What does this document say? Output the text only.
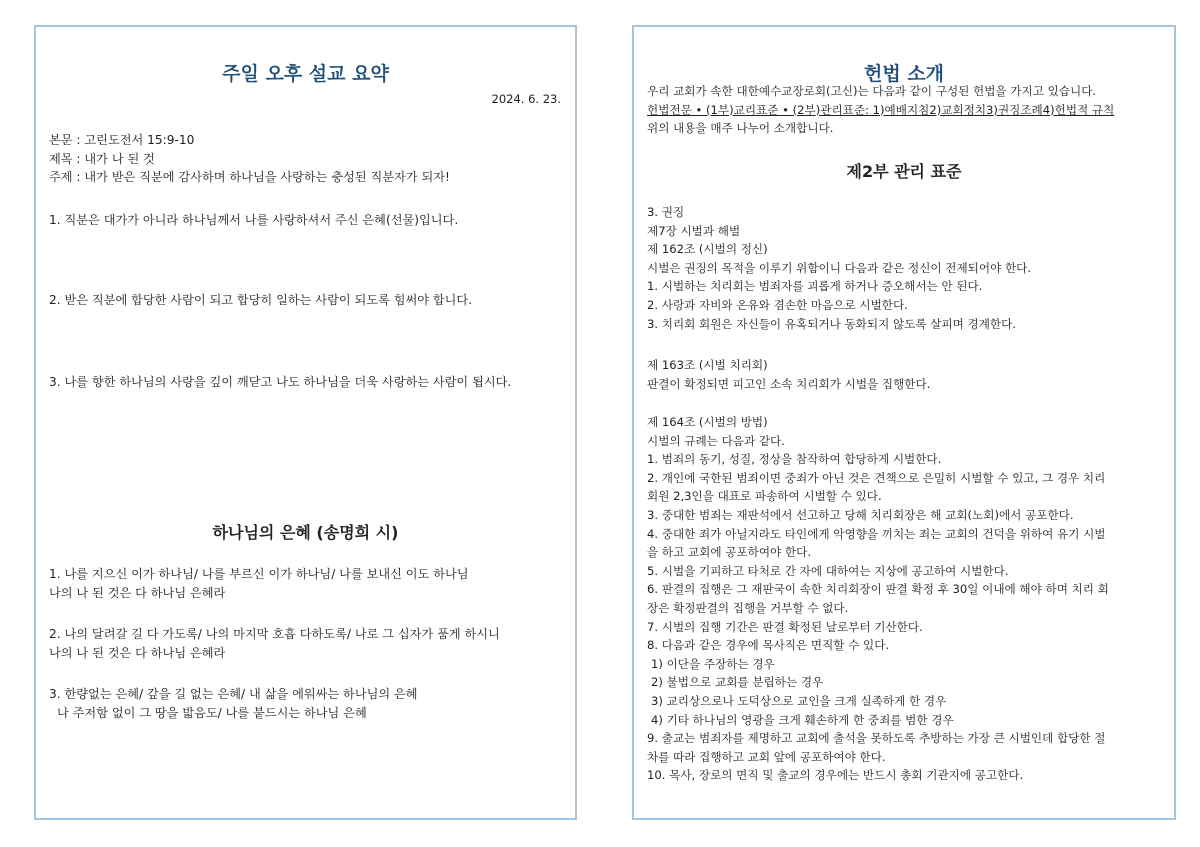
주일 오후 설교 요약
2024. 6. 23.
본문 : 고린도전서 15:9-10
제목 : 내가 나 된 것
주제 : 내가 받은 직분에 감사하며 하나님을 사랑하는 충성된 직분자가 되자!
1. 직분은 대가가 아니라 하나님께서 나를 사랑하셔서 주신 은혜(선물)입니다.
2. 받은 직분에 합당한 사람이 되고 합당히 일하는 사람이 되도록 힘써야 합니다.
3. 나를 향한 하나님의 사랑을 깊이 깨닫고 나도 하나님을 더욱 사랑하는 사람이 됩시다.
하나님의 은혜 (송명희 시)
1. 나를 지으신 이가 하나님/ 나를 부르신 이가 하나님/ 나를 보내신 이도 하나님
나의 나 된 것은 다 하나님 은혜라
2. 나의 달려갈 길 다 가도록/ 나의 마지막 호흡 다하도록/ 나로 그 십자가 품게 하시니
나의 나 된 것은 다 하나님 은혜라
3. 한량없는 은혜/ 갚을 길 없는 은혜/ 내 삶을 에워싸는 하나님의 은혜
나 주저함 없이 그 땅을 밟음도/ 나를 붙드시는 하나님 은혜
헌법 소개
우리 교회가 속한 대한예수교장로회(고신)는 다음과 같이 구성된 헌법을 가지고 있습니다.
헌법전문 • (1부)교리표준 • (2부)관리표준: 1)예배지침2)교회정치3)권징조례4)헌법적 규칙
위의 내용을 매주 나누어 소개합니다.
제2부 관리 표준
3. 권징
제7장 시벌과 해벌
제 162조 (시벌의 정신)
시벌은 권징의 목적을 이루기 위함이니 다음과 같은 정신이 전제되어야 한다.
1. 시벌하는 치리회는 범죄자를 괴롭게 하거나 증오해서는 안 된다.
2. 사랑과 자비와 온유와 겸손한 마음으로 시벌한다.
3. 치리회 회원은 자신들이 유혹되거나 동화되지 않도록 살피며 경계한다.
제 163조 (시벌 치리회)
판결이 확정되면 피고인 소속 치리회가 시벌을 집행한다.
제 164조 (시벌의 방법)
시벌의 규례는 다음과 같다.
1. 범죄의 동기, 성질, 정상을 참작하여 합당하게 시벌한다.
2. 개인에 국한된 범죄이면 중죄가 아닌 것은 견책으로 은밀히 시벌할 수 있고, 그 경우 치리
회원 2,3인을 대표로 파송하여 시벌할 수 있다.
3. 중대한 범죄는 재판석에서 선고하고 당해 치리회장은 해 교회(노회)에서 공포한다.
4. 중대한 죄가 아닐지라도 타인에게 악영향을 끼치는 죄는 교회의 건덕을 위하여 유기 시벌
을 하고 교회에 공포하여야 한다.
5. 시벌을 기피하고 타처로 간 자에 대하여는 지상에 공고하여 시벌한다.
6. 판결의 집행은 그 재판국이 속한 치리회장이 판결 확정 후 30일 이내에 해야 하며 치리 회
장은 확정판결의 집행을 거부할 수 없다.
7. 시벌의 집행 기간은 판결 확정된 날로부터 기산한다.
8. 다음과 같은 경우에 목사직은 면직할 수 있다.
1) 이단을 주장하는 경우
2) 불법으로 교회를 분립하는 경우
3) 교리상으로나 도덕상으로 교인을 크게 실족하게 한 경우
4) 기타 하나님의 영광을 크게 훼손하게 한 중죄를 범한 경우
9. 출교는 범죄자를 제명하고 교회에 출석을 못하도록 추방하는 가장 큰 시벌인데 합당한 절
차를 따라 집행하고 교회 앞에 공포하여야 한다.
10. 목사, 장로의 면직 및 출교의 경우에는 반드시 총회 기관지에 공고한다.
